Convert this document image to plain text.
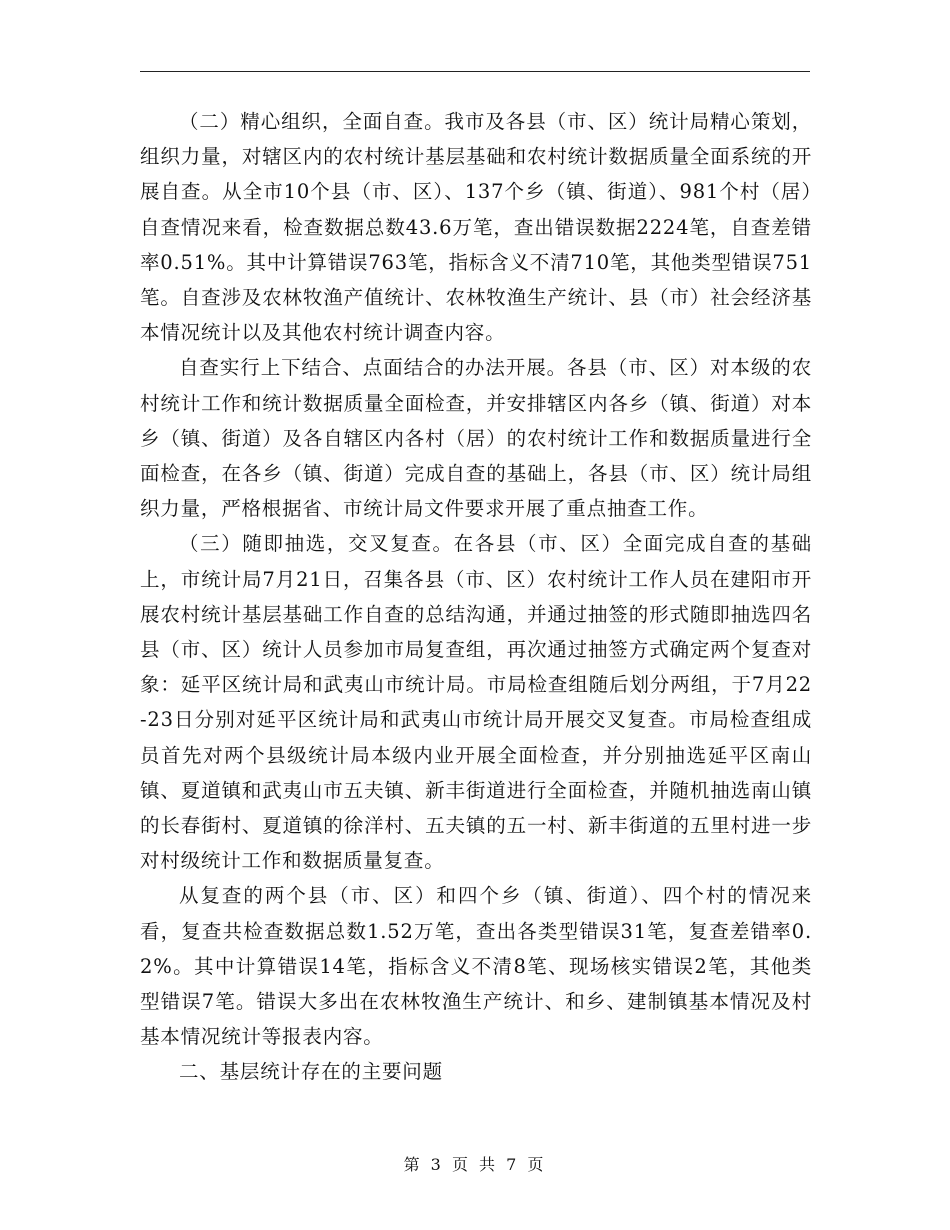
（二）精心组织，全面自查。我市及各县（市、区）统计局精心策划，组织力量，对辖区内的农村统计基层基础和农村统计数据质量全面系统的开展自查。从全市10个县（市、区）、137个乡（镇、街道）、981个村（居）自查情况来看，检查数据总数43.6万笔，查出错误数据2224笔，自查差错率0.51%。其中计算错误763笔，指标含义不清710笔，其他类型错误751笔。自查涉及农林牧渔产值统计、农林牧渔生产统计、县（市）社会经济基本情况统计以及其他农村统计调查内容。

自查实行上下结合、点面结合的办法开展。各县（市、区）对本级的农村统计工作和统计数据质量全面检查，并安排辖区内各乡（镇、街道）对本乡（镇、街道）及各自辖区内各村（居）的农村统计工作和数据质量进行全面检查，在各乡（镇、街道）完成自查的基础上，各县（市、区）统计局组织力量，严格根据省、市统计局文件要求开展了重点抽查工作。

（三）随即抽选，交叉复查。在各县（市、区）全面完成自查的基础上，市统计局7月21日，召集各县（市、区）农村统计工作人员在建阳市开展农村统计基层基础工作自查的总结沟通，并通过抽签的形式随即抽选四名县（市、区）统计人员参加市局复查组，再次通过抽签方式确定两个复查对象：延平区统计局和武夷山市统计局。市局检查组随后划分两组，于7月22-23日分别对延平区统计局和武夷山市统计局开展交叉复查。市局检查组成员首先对两个县级统计局本级内业开展全面检查，并分别抽选延平区南山镇、夏道镇和武夷山市五夫镇、新丰街道进行全面检查，并随机抽选南山镇的长春街村、夏道镇的徐洋村、五夫镇的五一村、新丰街道的五里村进一步对村级统计工作和数据质量复查。

从复查的两个县（市、区）和四个乡（镇、街道）、四个村的情况来看，复查共检查数据总数1.52万笔，查出各类型错误31笔，复查差错率0.2%。其中计算错误14笔，指标含义不清8笔、现场核实错误2笔，其他类型错误7笔。错误大多出在农林牧渔生产统计、和乡、建制镇基本情况及村基本情况统计等报表内容。

二、基层统计存在的主要问题

第 3 页 共 7 页
